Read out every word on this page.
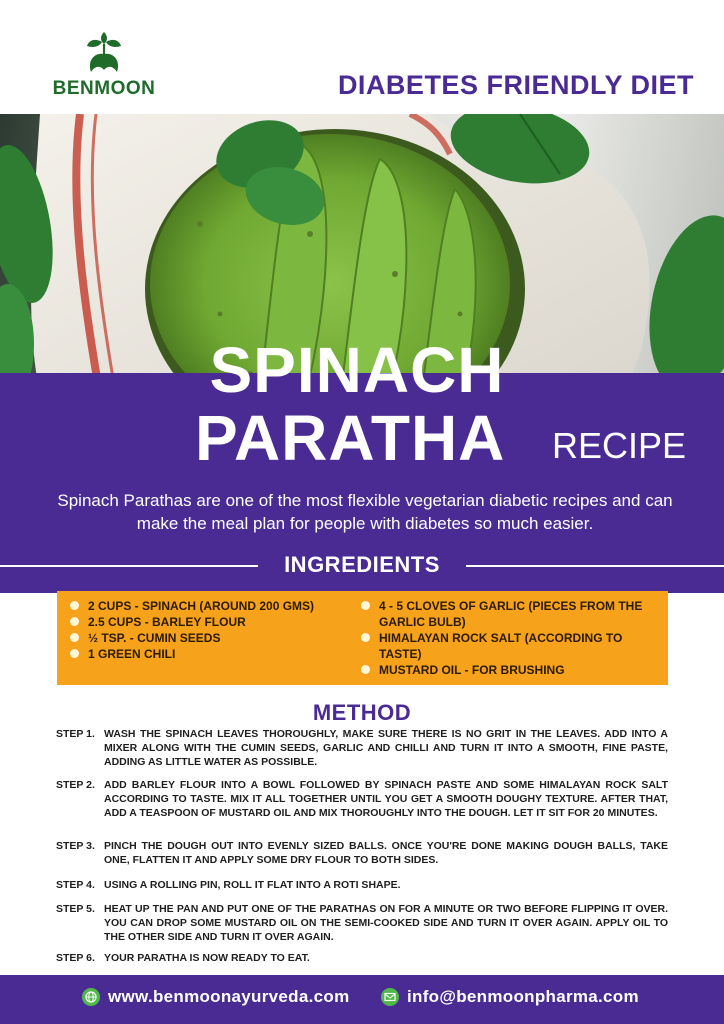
BENMOON	DIABETES FRIENDLY DIET
SPINACH
PARATHA RECIPE

Spinach Parathas are one of the most flexible vegetarian diabetic recipes and can make the meal plan for people with diabetes so much easier.

INGREDIENTS
2 CUPS - SPINACH (AROUND 200 GMS)
2.5 CUPS - BARLEY FLOUR
½ TSP. - CUMIN SEEDS
1 GREEN CHILI
4 - 5 CLOVES OF GARLIC (PIECES FROM THE GARLIC BULB)
HIMALAYAN ROCK SALT (ACCORDING TO TASTE)
MUSTARD OIL - FOR BRUSHING
METHOD
STEP 1. WASH THE SPINACH LEAVES THOROUGHLY, MAKE SURE THERE IS NO GRIT IN THE LEAVES. ADD INTO A MIXER ALONG WITH THE CUMIN SEEDS, GARLIC AND CHILLI AND TURN IT INTO A SMOOTH, FINE PASTE, ADDING AS LITTLE WATER AS POSSIBLE.
STEP 2. ADD BARLEY FLOUR INTO A BOWL FOLLOWED BY SPINACH PASTE AND SOME HIMALAYAN ROCK SALT ACCORDING TO TASTE. MIX IT ALL TOGETHER UNTIL YOU GET A SMOOTH DOUGHY TEXTURE. AFTER THAT, ADD A TEASPOON OF MUSTARD OIL AND MIX THOROUGHLY INTO THE DOUGH. LET IT SIT FOR 20 MINUTES.
STEP 3. PINCH THE DOUGH OUT INTO EVENLY SIZED BALLS. ONCE YOU'RE DONE MAKING DOUGH BALLS, TAKE ONE, FLATTEN IT AND APPLY SOME DRY FLOUR TO BOTH SIDES.
STEP 4. USING A ROLLING PIN, ROLL IT FLAT INTO A ROTI SHAPE.
STEP 5. HEAT UP THE PAN AND PUT ONE OF THE PARATHAS ON FOR A MINUTE OR TWO BEFORE FLIPPING IT OVER. YOU CAN DROP SOME MUSTARD OIL ON THE SEMI-COOKED SIDE AND TURN IT OVER AGAIN. APPLY OIL TO THE OTHER SIDE AND TURN IT OVER AGAIN.
STEP 6. YOUR PARATHA IS NOW READY TO EAT.
www.benmoonayurveda.com	info@benmoonpharma.com
